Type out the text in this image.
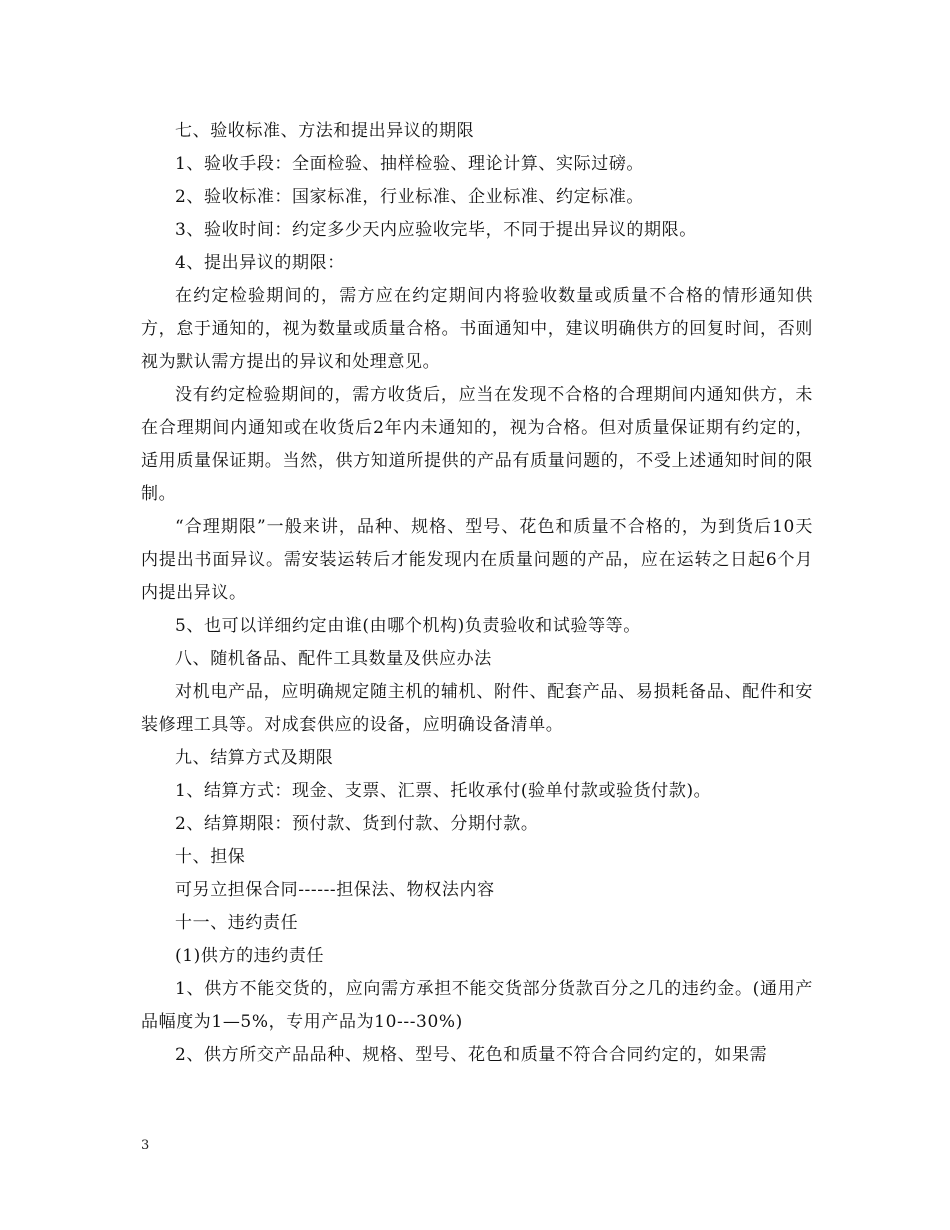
七、验收标准、方法和提出异议的期限

1、验收手段：全面检验、抽样检验、理论计算、实际过磅。

2、验收标准：国家标准，行业标准、企业标准、约定标准。

3、验收时间：约定多少天内应验收完毕，不同于提出异议的期限。

4、提出异议的期限：

在约定检验期间的，需方应在约定期间内将验收数量或质量不合格的情形通知供方，怠于通知的，视为数量或质量合格。书面通知中，建议明确供方的回复时间，否则视为默认需方提出的异议和处理意见。

没有约定检验期间的，需方收货后，应当在发现不合格的合理期间内通知供方，未在合理期间内通知或在收货后2年内未通知的，视为合格。但对质量保证期有约定的，适用质量保证期。当然，供方知道所提供的产品有质量问题的，不受上述通知时间的限制。

“合理期限”一般来讲，品种、规格、型号、花色和质量不合格的，为到货后10天内提出书面异议。需安装运转后才能发现内在质量问题的产品，应在运转之日起6个月内提出异议。

5、也可以详细约定由谁(由哪个机构)负责验收和试验等等。

八、随机备品、配件工具数量及供应办法

对机电产品，应明确规定随主机的辅机、附件、配套产品、易损耗备品、配件和安装修理工具等。对成套供应的设备，应明确设备清单。

九、结算方式及期限

1、结算方式：现金、支票、汇票、托收承付(验单付款或验货付款)。

2、结算期限：预付款、货到付款、分期付款。

十、担保

可另立担保合同------担保法、物权法内容

十一、违约责任

(1)供方的违约责任

1、供方不能交货的，应向需方承担不能交货部分货款百分之几的违约金。(通用产品幅度为1—5%，专用产品为10---30%)

2、供方所交产品品种、规格、型号、花色和质量不符合合同约定的，如果需

3
